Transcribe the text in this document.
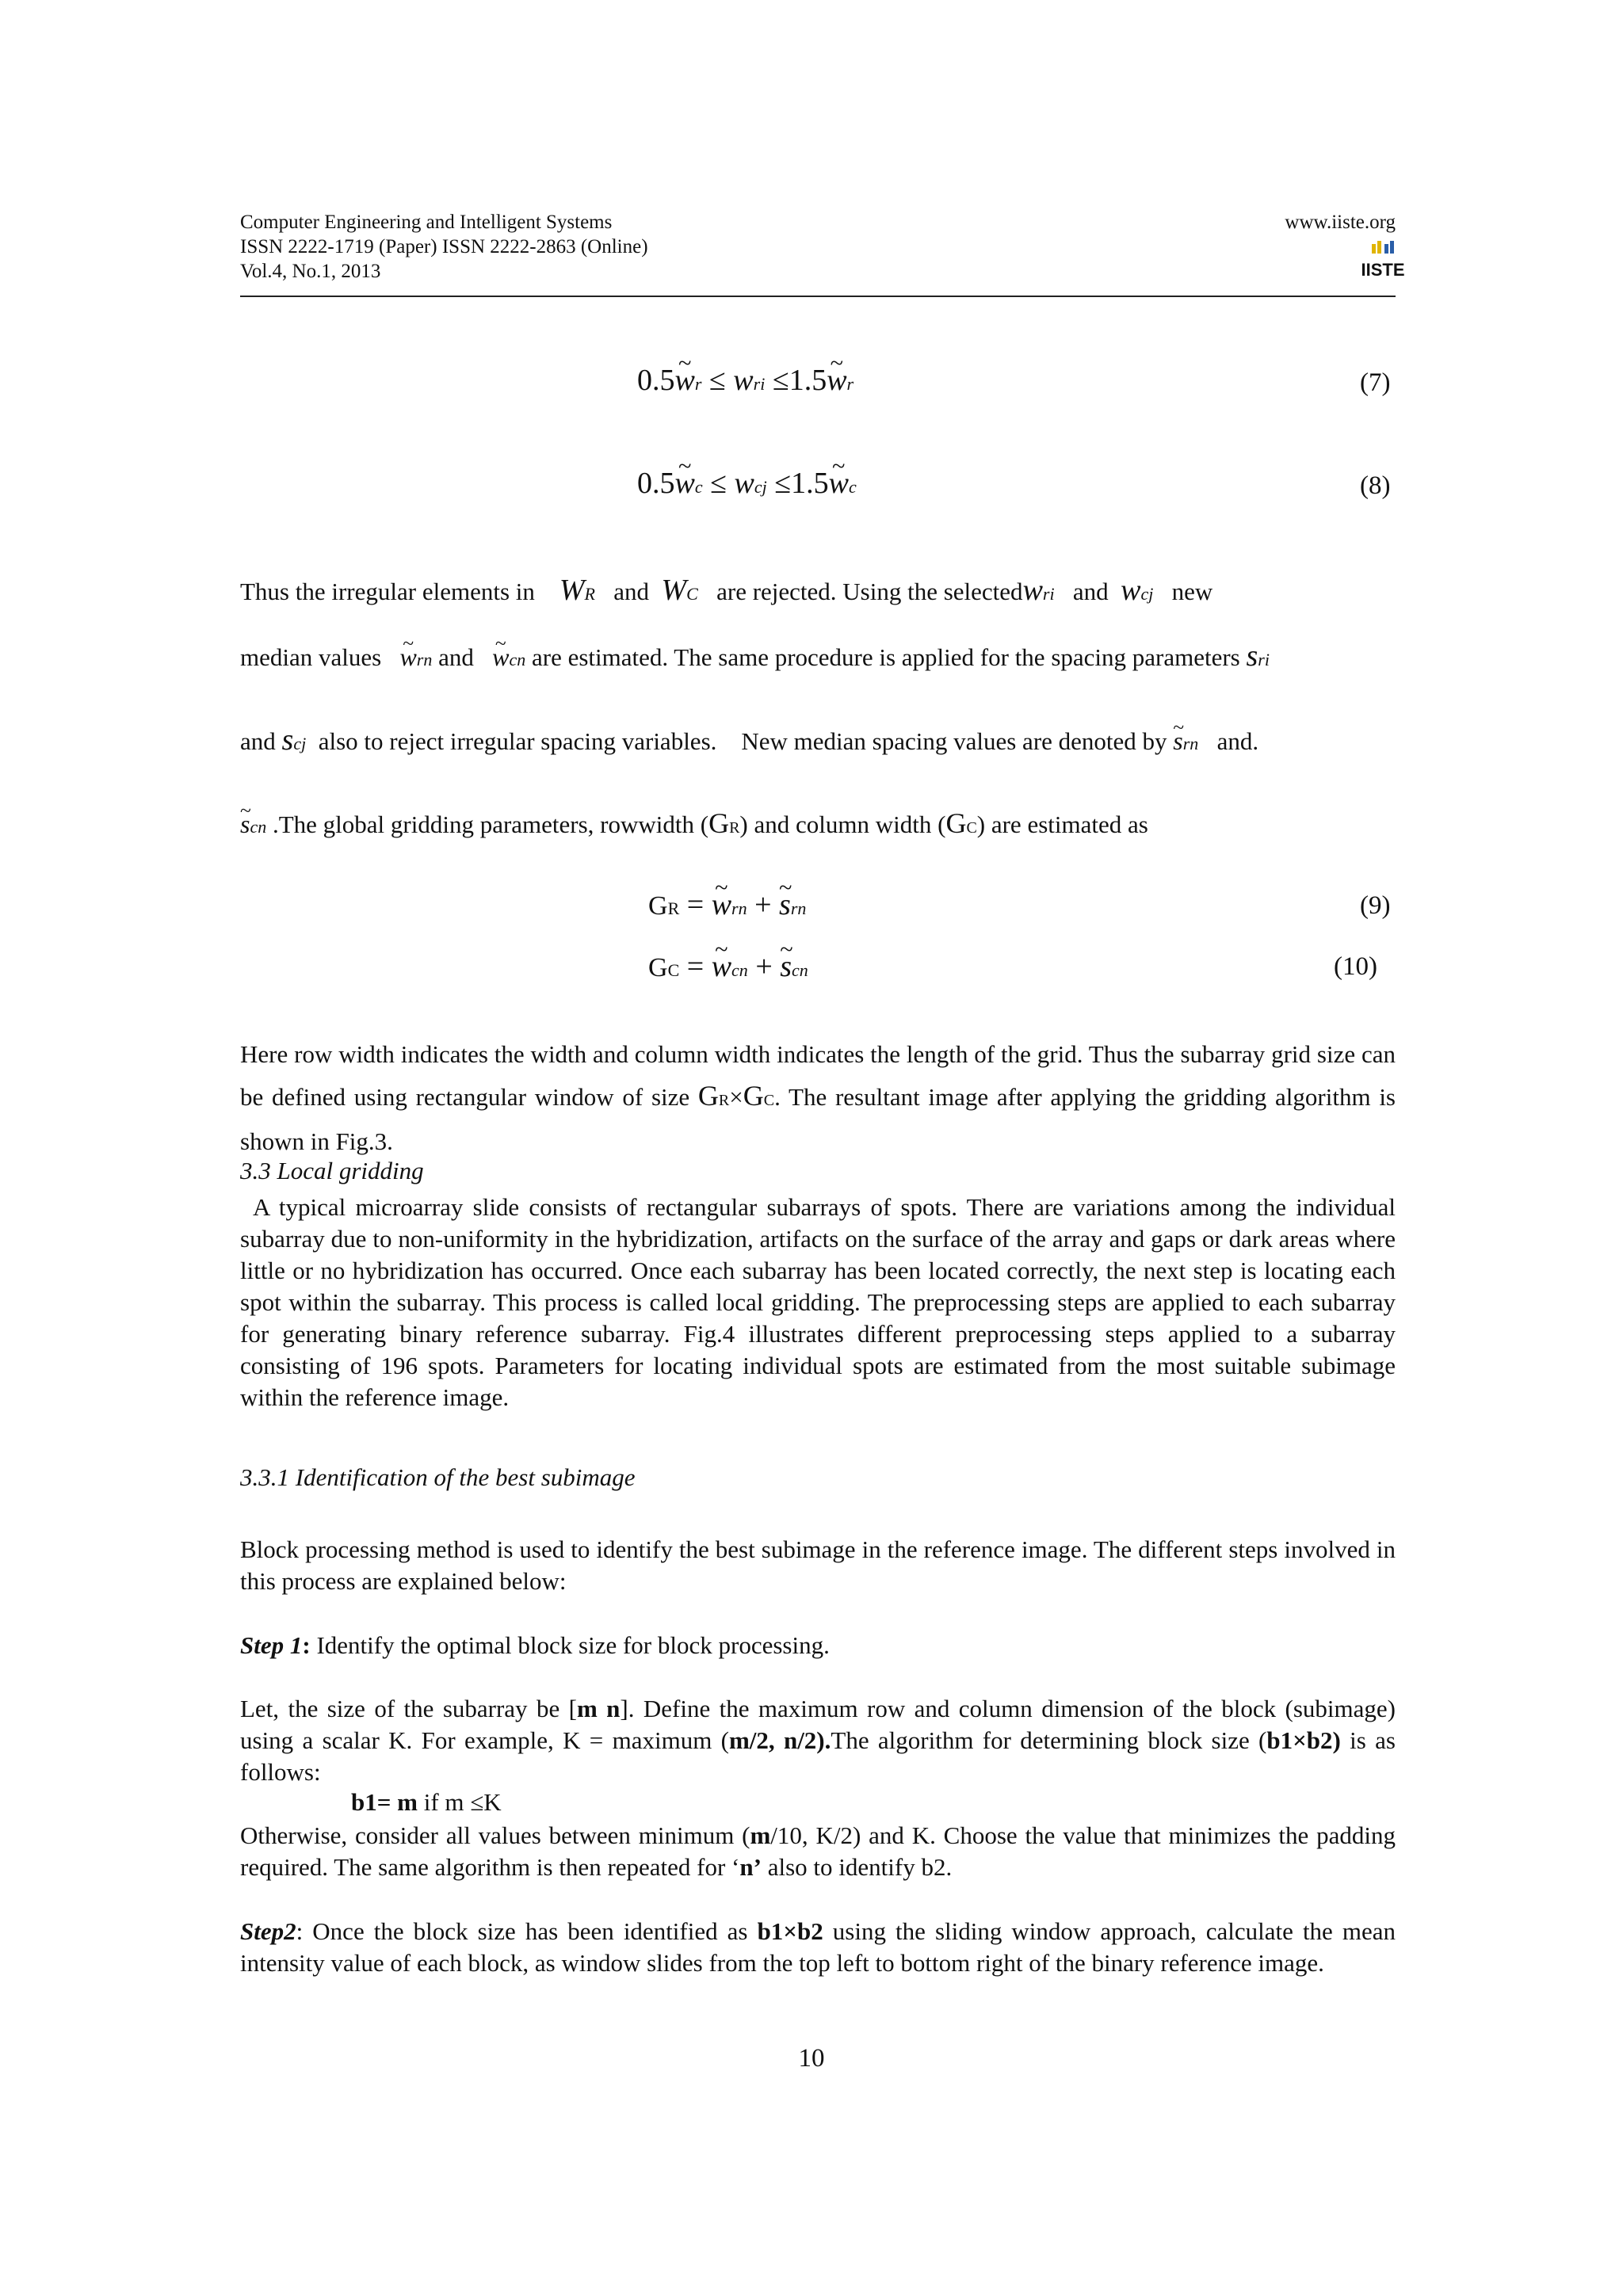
Computer Engineering and Intelligent Systems
ISSN 2222-1719 (Paper) ISSN 2222-2863 (Online)
Vol.4, No.1, 2013
www.iiste.org
IISTE
0.5~ wr ≤ wri ≤1.5~ wr	(7)
0.5~ wc ≤ wcj ≤1.5~ wc	(8)
Thus the irregular elements in WR and WC are rejected. Using the selectedwri and wcj new
median values ~ wrn and ~ wcn are estimated. The same procedure is applied for the spacing parameters sri
and scj also to reject irregular spacing variables. New median spacing values are denoted by ~ srn and.
~ scn .The global gridding parameters, rowwidth (GR) and column width (GC) are estimated as
GR = ~ wrn + ~ srn	(9)
GC = ~ wcn + ~ scn	(10)
Here row width indicates the width and column width indicates the length of the grid. Thus the subarray grid size can be defined using rectangular window of size GR×GC. The resultant image after applying the gridding algorithm is shown in Fig.3.
3.3 Local gridding
A typical microarray slide consists of rectangular subarrays of spots. There are variations among the individual subarray due to non-uniformity in the hybridization, artifacts on the surface of the array and gaps or dark areas where little or no hybridization has occurred. Once each subarray has been located correctly, the next step is locating each spot within the subarray. This process is called local gridding. The preprocessing steps are applied to each subarray for generating binary reference subarray. Fig.4 illustrates different preprocessing steps applied to a subarray consisting of 196 spots. Parameters for locating individual spots are estimated from the most suitable subimage within the reference image.
3.3.1 Identification of the best subimage
Block processing method is used to identify the best subimage in the reference image. The different steps involved in this process are explained below:
Step 1: Identify the optimal block size for block processing.
Let, the size of the subarray be [m n]. Define the maximum row and column dimension of the block (subimage) using a scalar K. For example, K = maximum (m/2, n/2).The algorithm for determining block size (b1×b2) is as follows:
b1= m if m ≤K
Otherwise, consider all values between minimum (m/10, K/2) and K. Choose the value that minimizes the padding required. The same algorithm is then repeated for ‘n’ also to identify b2.
Step2: Once the block size has been identified as b1×b2 using the sliding window approach, calculate the mean intensity value of each block, as window slides from the top left to bottom right of the binary reference image.
10
